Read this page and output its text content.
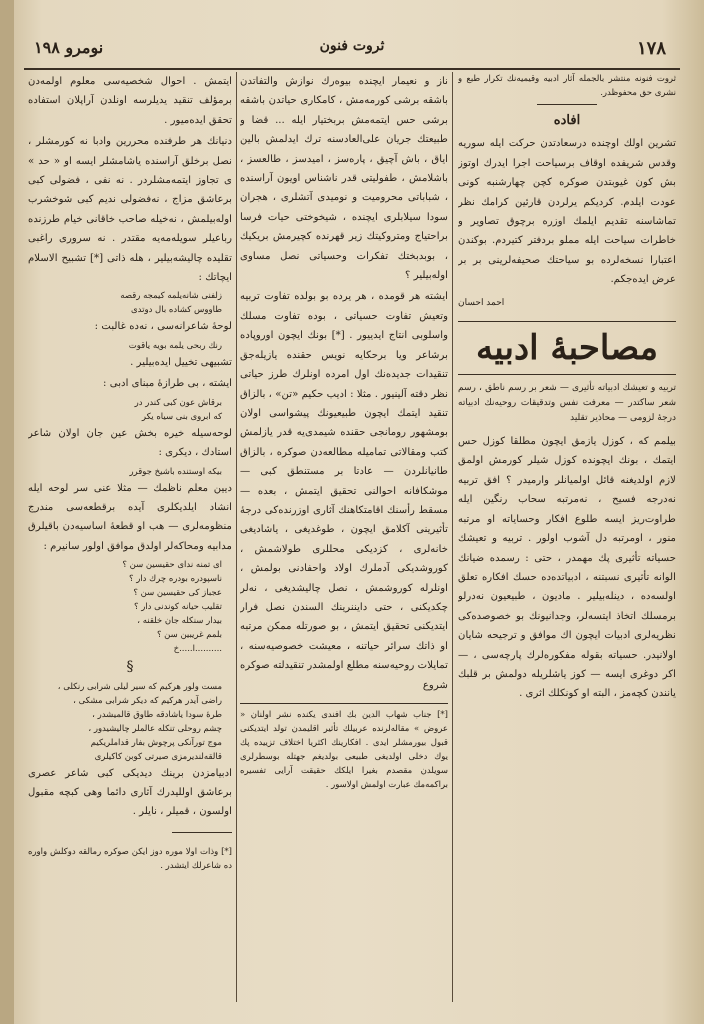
نومرو ١٩٨	ثروت فنون	١٧٨

ثروت فنونه منتشر بالجمله آثار ادبيه وقيميه‌نك تكرار طبع و نشرى حق محفوظدر.

افاده

تشرين اولك اوچنده درسعادتدن حركت ايله سوريه وقدس شريفده اوقاف برسياحت اجرا ايدرك اوتوز بش كون غيوبتدن صوكره كچن چهارشنبه كونى عودت ايلدم. كرديكم يرلردن قارئين كرامك نظر تماشاسنه تقديم ايلمك اوزره برچوق تصاوير و خاطرات سياحت ايله مملو بردفتر كتيردم. بوكندن اعتبارا نسخه‌لرده بو سياحتك صحيفه‌لرينى بر بر عرض ايده‌جكم.

احمد احسان
مصاحبهٔ ادبيه

تربيه و تعيشك ادبياته تأثيرى — شعر بر رسم ناطق ، رسم شعر ساكتدر — معرفت نفس وتدقيقات روحيه‌نك ادبياته درجهٔ لزومى — محاذير تقليد

بيلمم كه ، كوزل يازمق ايچون مطلقا كوزل حس ايتمك ، بونك ايچونده كوزل شيلر كورمش اولمق لازم اولديغنه قائل اولميانلر وارميدر ؟ افق تربيه نه‌درجه فسيح ، نه‌مرتبه سحاب رنگين ايله طراوت‌ريز ايسه طلوع افكار وحساياته او مرتبه منور ، اومرتبه دل آشوب اولور . تربيه و تعيشك حسياته تأثيرى پك مهمدر ، حتى : رسمده ضيانك الوانه تأثيرى نسبتنه ، ادبياتده‌ده حسك افكاره تعلق اولسه‌ده ، دينله‌بيلير . ماديون ، طبيعيون نه‌درلو برمسلك اتخاذ ايتسه‌لر، وجدانيونك بو خصوصده‌كى نظريه‌لرى ادبيات ايچون اك موافق و ترجيحه شايان اولانيدر. حسياته بقوله مفكوره‌لرك پارچه‌سى ، — اكر دوغرى ايسه — كوز ياشلريله دولمش بر قلبك يانندن كچه‌مز ، البته او كونكلك اثرى .

ناز و نعيمار ايچنده بيوه‌رك نوازش والتفاتدن باشقه برشى كورمه‌مش ، كامكارى حياتدن باشقه برشى حس ايتمه‌مش بربختيار ايله ... قضا و طبيعتك جريان على‌العادسنه ترك ايدلمش بالين اياق ، باش آچيق ، پاره‌سز ، امیدسز ، طالعسز ، باشلامش ، طفوليتى قدر ناشناس اويون آراسنده ، شباباتى محروميت و نوميدى آتشلرى ، هجران سودا سيلابلرى ايچنده ، شيخوختى حيات فرسا براحتياج ومتروكيتك زير قهرنده كچيرمش بريكيك ، بوبدبختك تفكرات وحسياتى نصل مساوى اوله‌بيلير ؟

ايشته هر قومده ، هر يرده بو بولده تفاوت تربيه وتعيش تفاوت حسياتى ، بوده تفاوت مسلك واسلوبى انتاج ايدييور . [*] بونك ايچون اوروپاده برشاعر ويا برحكايه نويس حقنده يازيله‌جق تنقيدات جديده‌نك اول امرده اونلرك طرز حياتى نظر دقته آلينيور . مثلا : اديب حكيم «تن» ، بالزاق تنقيد ايتمك ايچون طبيعيونك پيشواسى اولان بومشهور رومانجى حقنده شيمدى‌يه قدر يازلمش كتب ومقالاتى تماميله مطالعه‌دن صوكره ، بالزاق طانيانلردن — عادتا بر مستنطق كبى — موشكافانه احوالنى تحقيق ايتمش ، بعده — مسقط رأسنك اقامتكاهنك آثارى اوزرنده‌كى درجهٔ تأثيرينى آكلامق ايچون ، طوغديغى ، ياشاديغى خانه‌لرى ، كزديكى محللرى طولاشمش ، كوروشديكى آدملرك اولاد واحفادنى بولمش ، اونلرله كوروشمش ، نصل چاليشديغى ، نه‌لر چكديكنى ، حتى دايننرينك السندن نصل فرار ايتديكنى تحقيق ايتمش ، بو صورتله ممكن مرتبه او ذاتك سرائر حياتنه ، معيشت خصوصيه‌سنه ، تمايلات روحيه‌سنه مطلع اولمشدر تنقيدلته صوكره شروع

[*] جناب شهاب الدين بك افندى يكنده نشر اولنان « عروض » مقاله‌لرنده عربيلك تأثير اقليمدن تولد ايتديكنى قبول بيورمشلر ايدى . افكارينك اكثريا اختلاف تزييده پك يوك دخلى اولديغى طبيعى بولديغم جهتله بوسطرلرى سويلدن مقصدم بغيرا ايلكك حقيقت آرايى تفسيره براكمه‌مك عبارت اولمش اولاسور .

ايتمش . احوال شخصيه‌سى معلوم اولمه‌دن برمؤلف تنقيد يديلرسه اونلدن آراپلان استفاده تحقق ايده‌ميور .

دنيانك هر طرفنده محررين وادبا نه كورمشلر ، نصل برخلق آراسنده ياشامشلر ايسه او « حد » ى تجاوز ايتمه‌مشلردر . نه نفى ، فضولى كبى برعاشق مزاج ، نه‌فضولى نديم كبى شوخشرب اوله‌بيلمش ، نه‌خيله صاحب خاقانى خيام طرزنده رباعيلر سويله‌مه‌يه مقتدر . نه سرورى راغبى تقليده چاليشه‌بيلير ، هله ذاتى [*] تشبيح الاسلام ايچاتك :

زلفنى شانه‌يلمه كيمجه رقصه
طاووس كشاده بال دوتدى

لوحهٔ شاعرانه‌سى ، نه‌ده غالبت :

رنك ربحى يلمه بويه ياقوت

تشبيهى تخييل ايده‌بيلير .

ايشته ، بى طرازهٔ مبناى ادبى :

برقاش ‌عون كبى كندر در
كه ابروى بنى سياه يكر

لوحه‌سيله خيره بخش عين جان اولان شاعر استادك ، ديكرى :

بيكه اوستنده باشيخ جوقرر

ديين معلم ناظمك — مثلا عنى سر لوحه ايله انشاد ايلديكلرى آيده برقطعه‌سى مندرج منظومه‌لرى — هب او قطعهٔ اساسيه‌دن باقيلرق مدابيه ومحاكه‌لر اولدق موافق اولور سانيرم :

اى تمنه نداى حقيسين سن ؟
ناسپودره بودره چرك دار ؟
عجباز كى حقيسين سن ؟
تقليب حيانه كوندنى دار ؟
بيدار سنكله جان خلقنه ،
بلمم غريبين سن ؟
..........ا.....خ
§
مست ولور هركيم كه سير ليلى شرابى رنكلى ،
راضى آيدر هركيم كه ديكر شرابى مشكى ،
طرهٔ سودا ياشادقه طاوق قالميشدر ،
چشم روحلى تنكله عالملر چاليشيدور ،
موج تورآنكى پرچوش بفار قداملريكيم
قالقه‌لنديرمزى صيرتى كوبن كاكيلرى

ادبيامزدن برينك ديديكى كبى شاعر عصرى برعاشق اولليدرك آثارى دائما وهى كبچه مقبول اولسون ، قميلر ، نايلر .

[*] وذات اولا موره دوز ايكن صوكره رمالقه دوكلش واوره ده شاعرلك ايتشدر .
